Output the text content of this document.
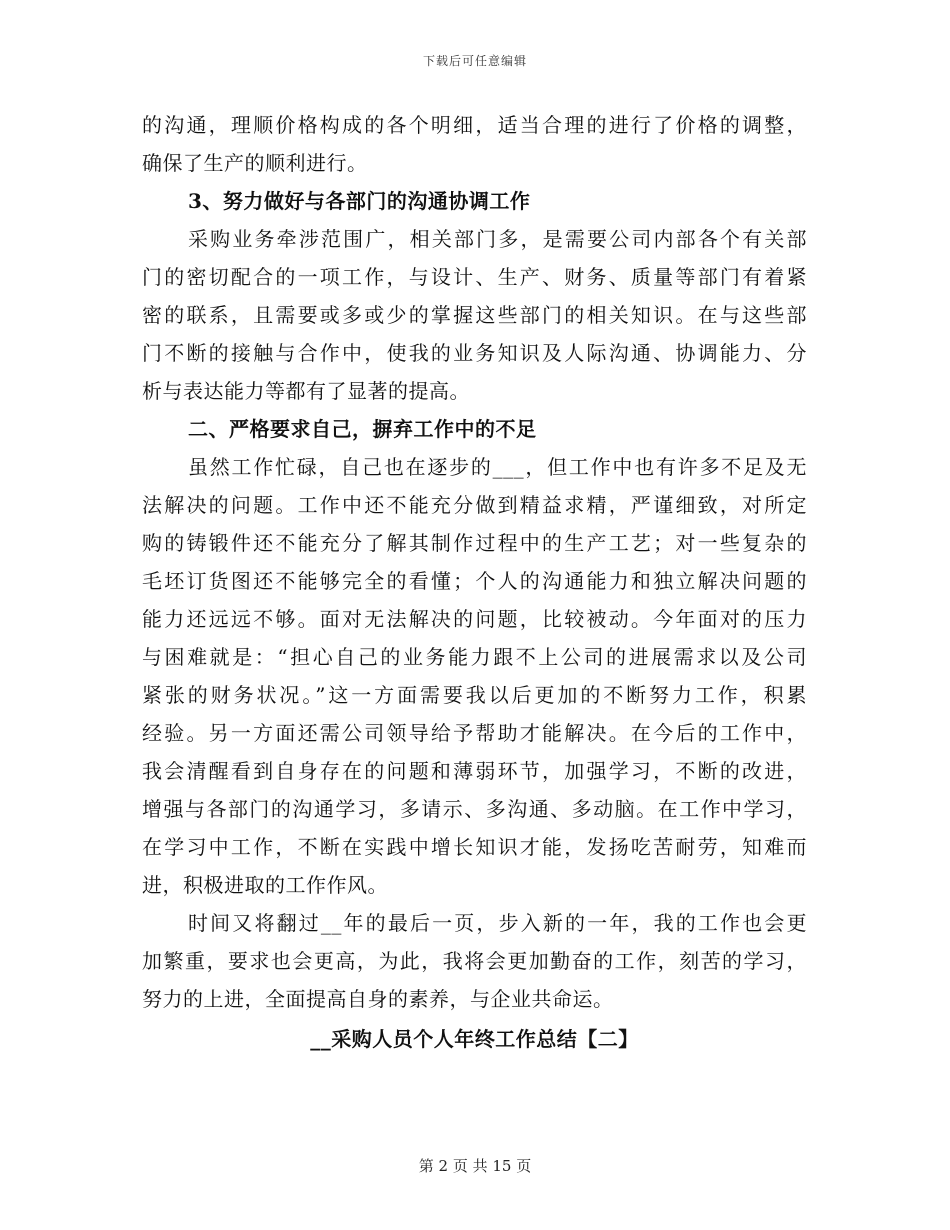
下载后可任意编辑
的沟通，理顺价格构成的各个明细，适当合理的进行了价格的调整，
确保了生产的顺利进行。
3、努力做好与各部门的沟通协调工作
采购业务牵涉范围广，相关部门多，是需要公司内部各个有关部
门的密切配合的一项工作，与设计、生产、财务、质量等部门有着紧
密的联系，且需要或多或少的掌握这些部门的相关知识。在与这些部
门不断的接触与合作中，使我的业务知识及人际沟通、协调能力、分
析与表达能力等都有了显著的提高。
二、严格要求自己，摒弃工作中的不足
虽然工作忙碌，自己也在逐步的___，但工作中也有许多不足及无
法解决的问题。工作中还不能充分做到精益求精，严谨细致，对所定
购的铸锻件还不能充分了解其制作过程中的生产工艺；对一些复杂的
毛坯订货图还不能够完全的看懂；个人的沟通能力和独立解决问题的
能力还远远不够。面对无法解决的问题，比较被动。今年面对的压力
与困难就是：“担心自己的业务能力跟不上公司的进展需求以及公司
紧张的财务状况。”这一方面需要我以后更加的不断努力工作，积累
经验。另一方面还需公司领导给予帮助才能解决。在今后的工作中，
我会清醒看到自身存在的问题和薄弱环节，加强学习，不断的改进，
增强与各部门的沟通学习，多请示、多沟通、多动脑。在工作中学习，
在学习中工作，不断在实践中增长知识才能，发扬吃苦耐劳，知难而
进，积极进取的工作作风。
时间又将翻过__年的最后一页，步入新的一年，我的工作也会更
加繁重，要求也会更高，为此，我将会更加勤奋的工作，刻苦的学习，
努力的上进，全面提高自身的素养，与企业共命运。
__采购人员个人年终工作总结【二】
第 2 页 共 15 页
